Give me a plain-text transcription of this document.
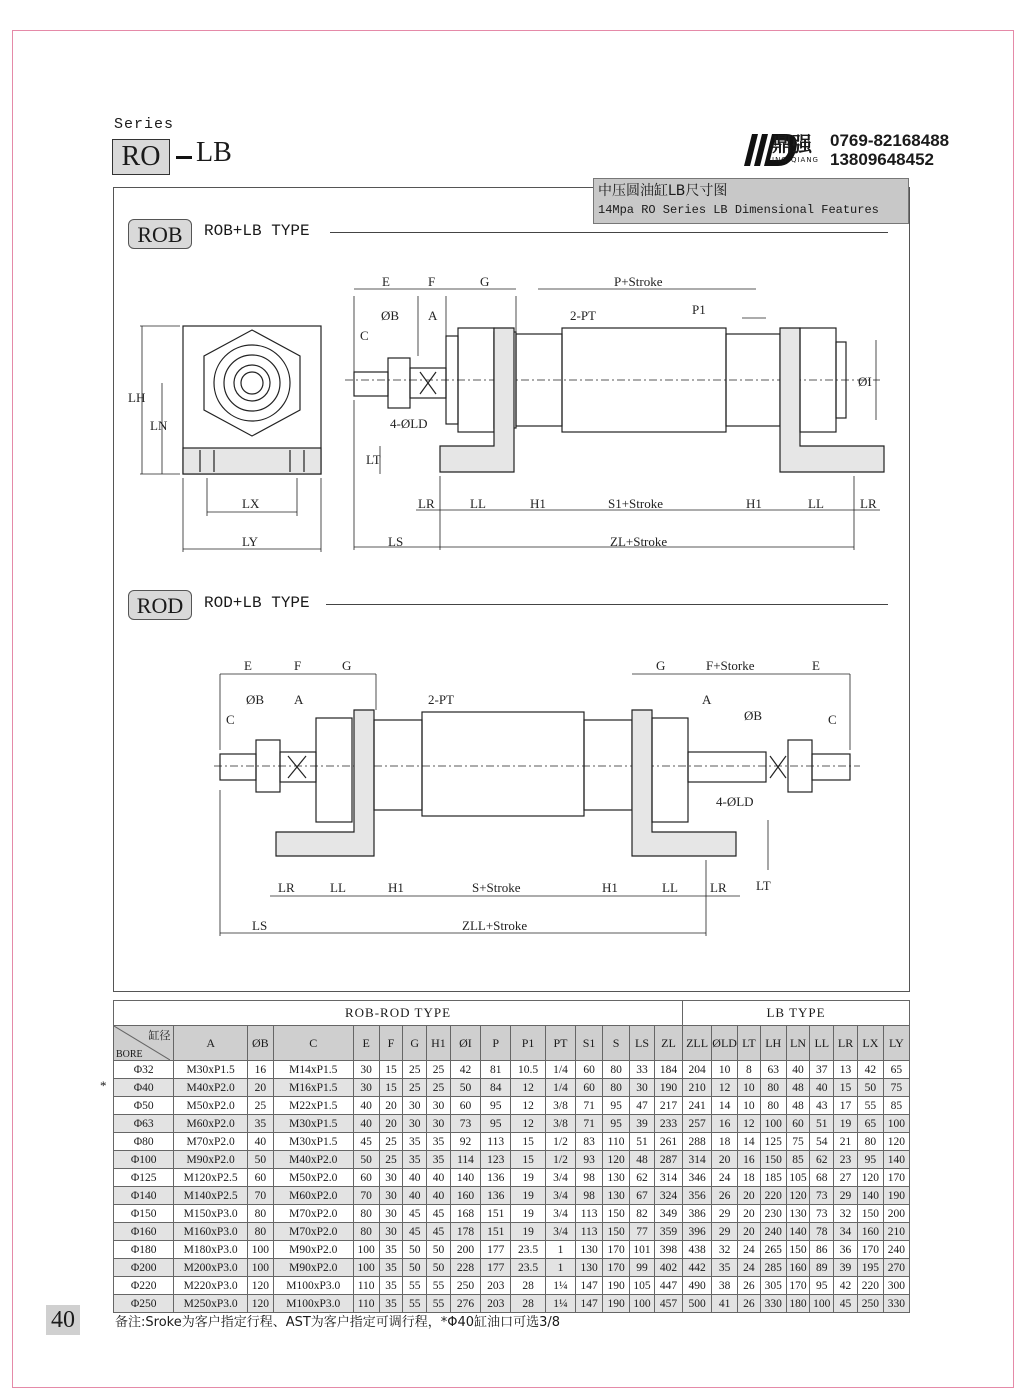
Series
RO	LB	鼎强
ING QIANG
0769-82168488
13809648452
中压圆油缸LB尺寸图
14Mpa RO Series LB Dimensional Features
ROB	ROB+LB TYPE
ROD	ROD+LB TYPE
E	F	G	P+Stroke
ØB A	2-PT	P1
C
4-ØLD
LH
LN
LT
ØI
LX
LY
LR	LL	H1	S1+Stroke	H1	LL	LR
LS	ZL+Stroke
E	F	G	G	F+Storke	E
ØB A	2-PT	A
ØB
C	C
4-ØLD
LT
LR	LL	H1	S+Stroke	H1	LL LR
LS	ZLL+Stroke
ROB-ROD TYPE																LB TYPE								

缸径
BORE	A	ØB	C	E	F	G	H1	ØI	P	P1	PT	S1	S	LS	ZL	ZLL	ØLD	LT	LH	LN	LL	LR	LX	LY
Φ32	M30xP1.5	16	M14xP1.5	30	15	25	25	42	81	10.5	1/4	60	80	33	184	204	10	8	63	40	37	13	42	65
Φ40	M40xP2.0	20	M16xP1.5	30	15	25	25	50	84	12	1/4	60	80	30	190	210	12	10	80	48	40	15	50	75
Φ50	M50xP2.0	25	M22xP1.5	40	20	30	30	60	95	12	3/8	71	95	47	217	241	14	10	80	48	43	17	55	85
Φ63	M60xP2.0	35	M30xP1.5	40	20	30	30	73	95	12	3/8	71	95	39	233	257	16	12	100	60	51	19	65	100
Φ80	M70xP2.0	40	M30xP1.5	45	25	35	35	92	113	15	1/2	83	110	51	261	288	18	14	125	75	54	21	80	120
Φ100	M90xP2.0	50	M40xP2.0	50	25	35	35	114	123	15	1/2	93	120	48	287	314	20	16	150	85	62	23	95	140
Φ125	M120xP2.5	60	M50xP2.0	60	30	40	40	140	136	19	3/4	98	130	62	314	346	24	18	185	105	68	27	120	170
Φ140	M140xP2.5	70	M60xP2.0	70	30	40	40	160	136	19	3/4	98	130	67	324	356	26	20	220	120	73	29	140	190
Φ150	M150xP3.0	80	M70xP2.0	80	30	45	45	168	151	19	3/4	113	150	82	349	386	29	20	230	130	73	32	150	200
Φ160	M160xP3.0	80	M70xP2.0	80	30	45	45	178	151	19	3/4	113	150	77	359	396	29	20	240	140	78	34	160	210
Φ180	M180xP3.0	100	M90xP2.0	100	35	50	50	200	177	23.5	1	130	170	101	398	438	32	24	265	150	86	36	170	240
Φ200	M200xP3.0	100	M90xP2.0	100	35	50	50	228	177	23.5	1	130	170	99	402	442	35	24	285	160	89	39	195	270
Φ220	M220xP3.0	120	M100xP3.0	110	35	55	55	250	203	28	1¼	147	190	105	447	490	38	26	305	170	95	42	220	300
Φ250	M250xP3.0	120	M100xP3.0	110	35	55	55	276	203	28	1¼	147	190	100	457	500	41	26	330	180	100	45	250	330
*
40	备注:Sroke为客户指定行程、AST为客户指定可调行程，*Φ40缸油口可选3/8
